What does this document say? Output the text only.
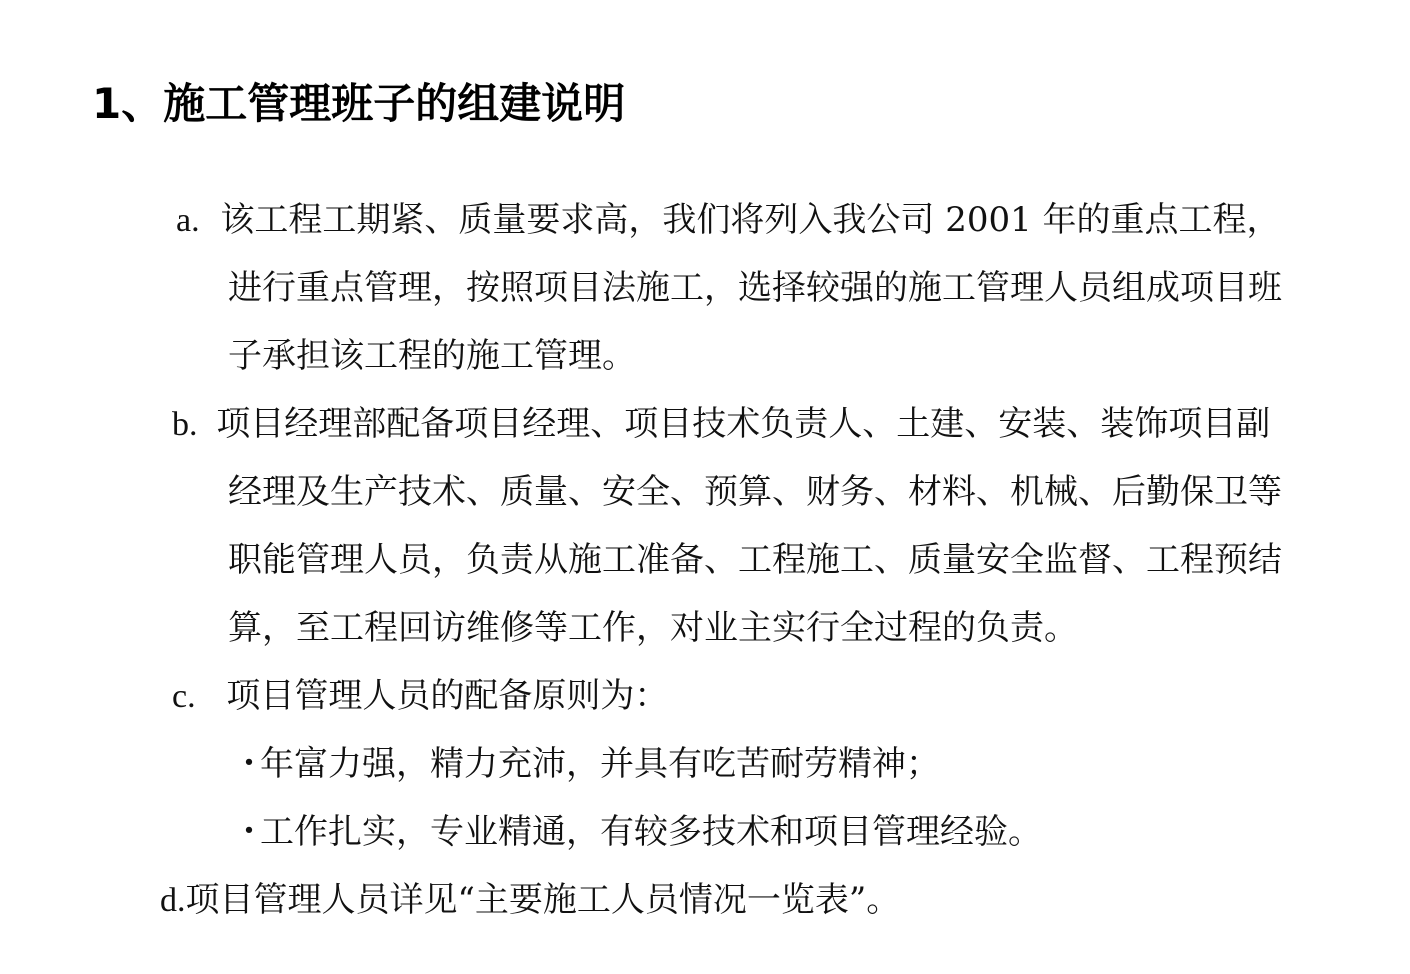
1、施工管理班子的组建说明
a. 该工程工期紧、质量要求高，我们将列入我公司 2001 年的重点工程，
进行重点管理，按照项目法施工，选择较强的施工管理人员组成项目班
子承担该工程的施工管理。
b. 项目经理部配备项目经理、项目技术负责人、土建、安装、装饰项目副
经理及生产技术、质量、安全、预算、财务、材料、机械、后勤保卫等
职能管理人员，负责从施工准备、工程施工、质量安全监督、工程预结
算，至工程回访维修等工作，对业主实行全过程的负责。
c. 项目管理人员的配备原则为：
・年富力强，精力充沛，并具有吃苦耐劳精神；
・工作扎实，专业精通，有较多技术和项目管理经验。
d.项目管理人员详见“主要施工人员情况一览表”。
